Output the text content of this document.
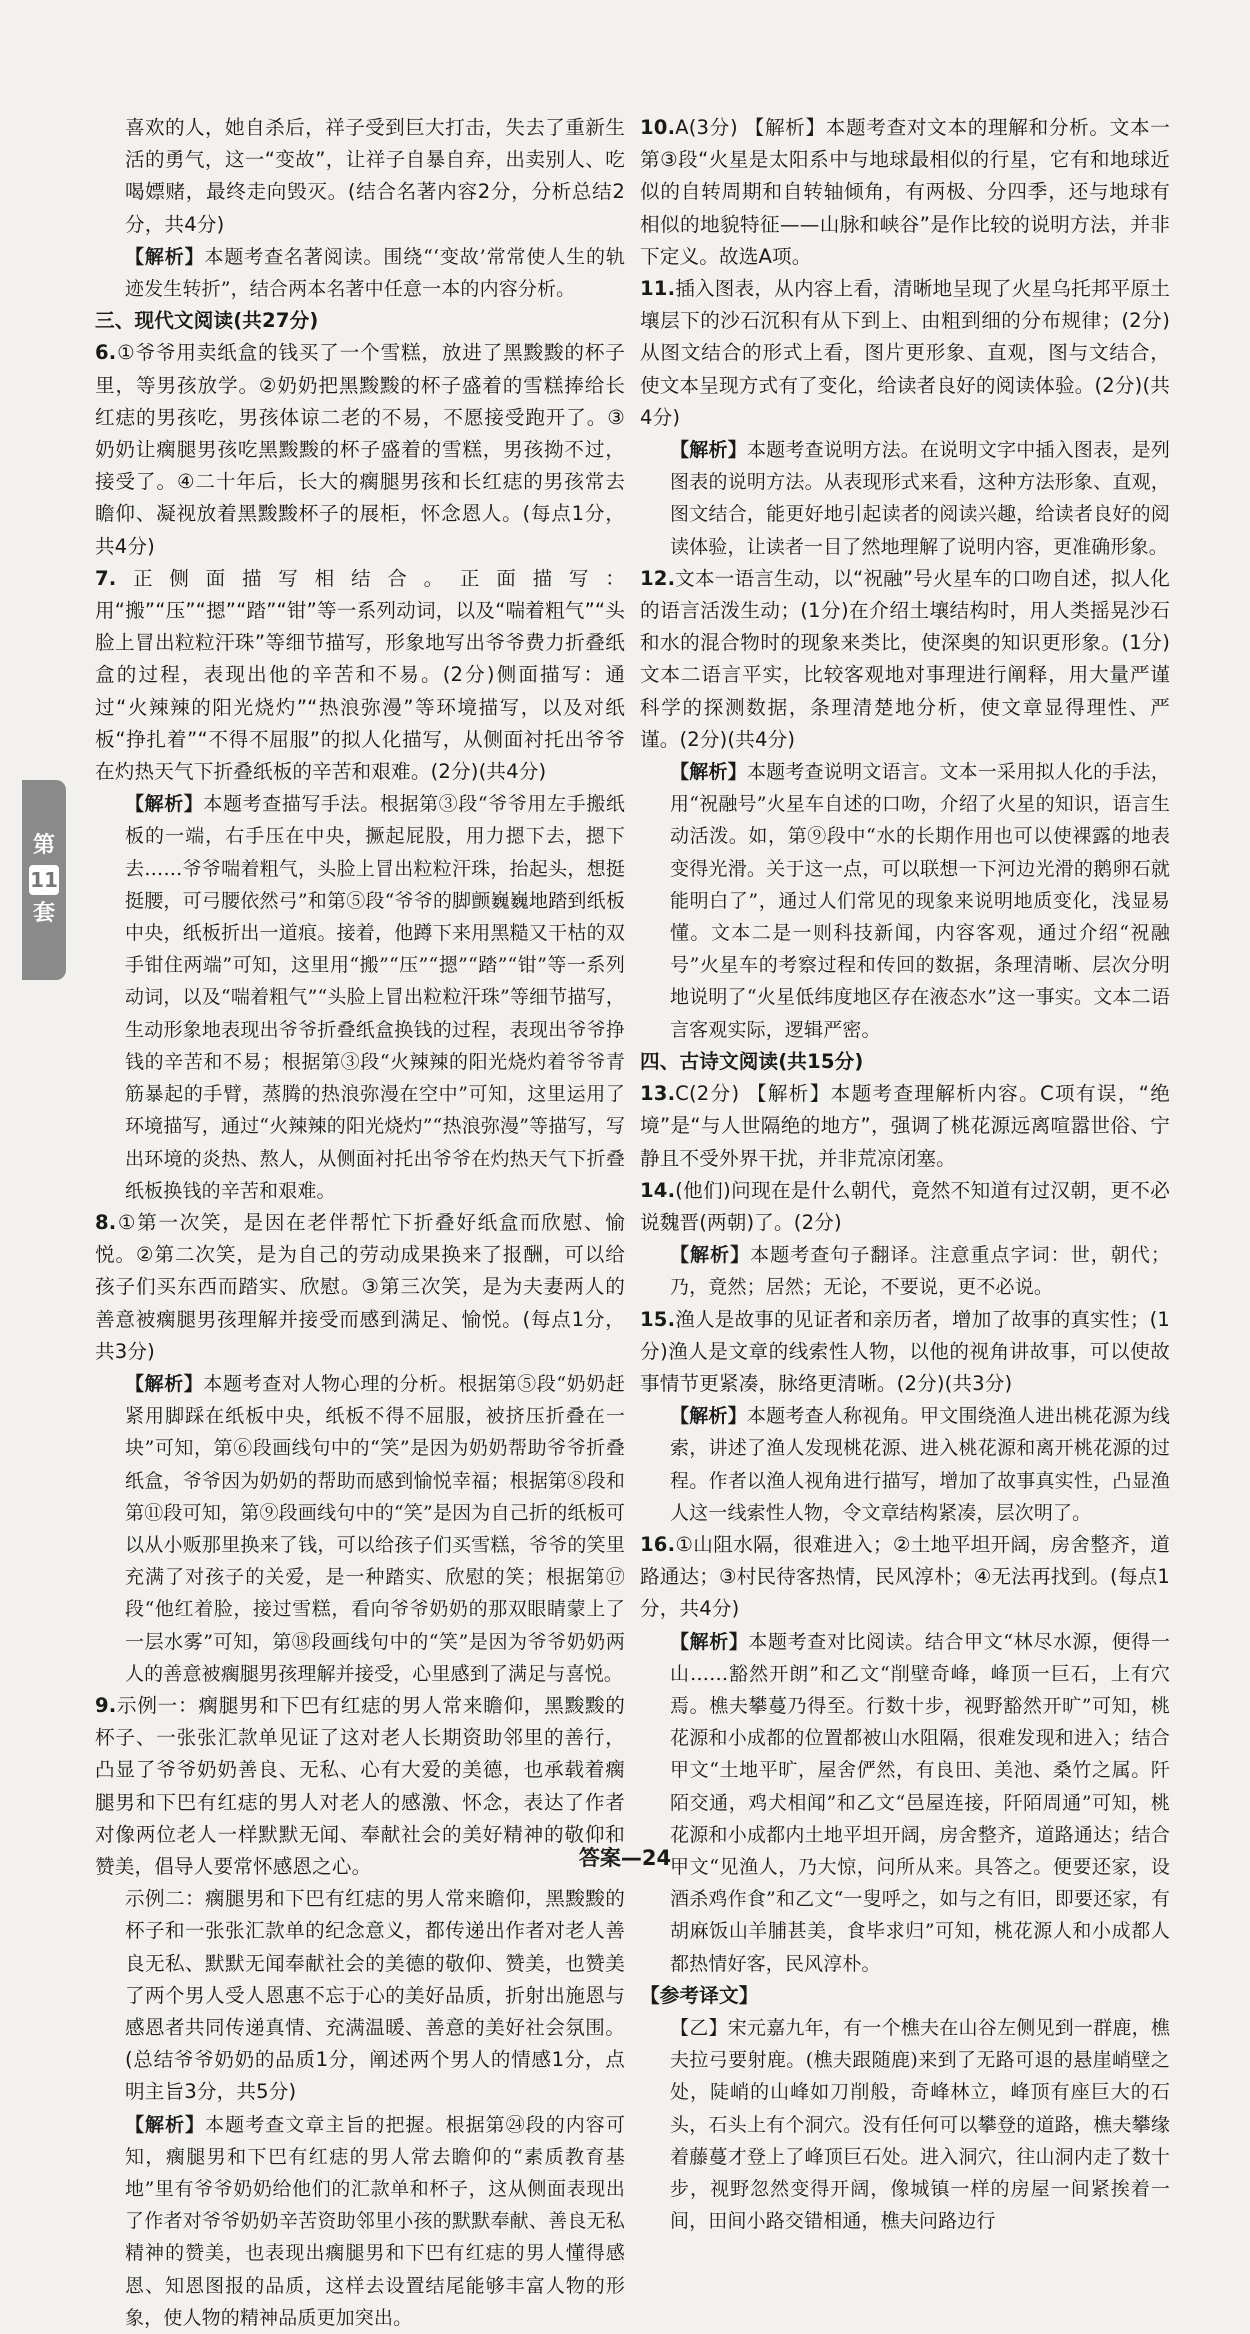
喜欢的人，她自杀后，祥子受到巨大打击，失去了重新生活的勇气，这一“变故”，让祥子自暴自弃，出卖别人、吃喝嫖赌，最终走向毁灭。(结合名著内容2分，分析总结2分，共4分)

【解析】本题考查名著阅读。围绕“‘变故’常常使人生的轨迹发生转折”，结合两本名著中任意一本的内容分析。

三、现代文阅读(共27分)

6.①爷爷用卖纸盒的钱买了一个雪糕，放进了黑黢黢的杯子里，等男孩放学。②奶奶把黑黢黢的杯子盛着的雪糕捧给长红痣的男孩吃，男孩体谅二老的不易，不愿接受跑开了。③奶奶让瘸腿男孩吃黑黢黢的杯子盛着的雪糕，男孩拗不过，接受了。④二十年后，长大的瘸腿男孩和长红痣的男孩常去瞻仰、凝视放着黑黢黢杯子的展柜，怀念恩人。(每点1分，共4分)

7.正侧面描写相结合。正面描写：用“搬”“压”“摁”“踏”“钳”等一系列动词，以及“喘着粗气”“头脸上冒出粒粒汗珠”等细节描写，形象地写出爷爷费力折叠纸盒的过程，表现出他的辛苦和不易。(2分)侧面描写：通过“火辣辣的阳光烧灼”“热浪弥漫”等环境描写，以及对纸板“挣扎着”“不得不屈服”的拟人化描写，从侧面衬托出爷爷在灼热天气下折叠纸板的辛苦和艰难。(2分)(共4分)

【解析】本题考查描写手法。根据第③段“爷爷用左手搬纸板的一端，右手压在中央，撅起屁股，用力摁下去，摁下去……爷爷喘着粗气，头脸上冒出粒粒汗珠，抬起头，想挺挺腰，可弓腰依然弓”和第⑤段“爷爷的脚颤巍巍地踏到纸板中央，纸板折出一道痕。接着，他蹲下来用黑糙又干枯的双手钳住两端”可知，这里用“搬”“压”“摁”“踏”“钳”等一系列动词，以及“喘着粗气”“头脸上冒出粒粒汗珠”等细节描写，生动形象地表现出爷爷折叠纸盒换钱的过程，表现出爷爷挣钱的辛苦和不易；根据第③段“火辣辣的阳光烧灼着爷爷青筋暴起的手臂，蒸腾的热浪弥漫在空中”可知，这里运用了环境描写，通过“火辣辣的阳光烧灼”“热浪弥漫”等描写，写出环境的炎热、熬人，从侧面衬托出爷爷在灼热天气下折叠纸板换钱的辛苦和艰难。

8.①第一次笑，是因在老伴帮忙下折叠好纸盒而欣慰、愉悦。②第二次笑，是为自己的劳动成果换来了报酬，可以给孩子们买东西而踏实、欣慰。③第三次笑，是为夫妻两人的善意被瘸腿男孩理解并接受而感到满足、愉悦。(每点1分，共3分)

【解析】本题考查对人物心理的分析。根据第⑤段“奶奶赶紧用脚踩在纸板中央，纸板不得不屈服，被挤压折叠在一块”可知，第⑥段画线句中的“笑”是因为奶奶帮助爷爷折叠纸盒，爷爷因为奶奶的帮助而感到愉悦幸福；根据第⑧段和第⑪段可知，第⑨段画线句中的“笑”是因为自己折的纸板可以从小贩那里换来了钱，可以给孩子们买雪糕，爷爷的笑里充满了对孩子的关爱，是一种踏实、欣慰的笑；根据第⑰段“他红着脸，接过雪糕，看向爷爷奶奶的那双眼睛蒙上了一层水雾”可知，第⑱段画线句中的“笑”是因为爷爷奶奶两人的善意被瘸腿男孩理解并接受，心里感到了满足与喜悦。

9.示例一：瘸腿男和下巴有红痣的男人常来瞻仰，黑黢黢的杯子、一张张汇款单见证了这对老人长期资助邻里的善行，凸显了爷爷奶奶善良、无私、心有大爱的美德，也承载着瘸腿男和下巴有红痣的男人对老人的感激、怀念，表达了作者对像两位老人一样默默无闻、奉献社会的美好精神的敬仰和赞美，倡导人要常怀感恩之心。

示例二：瘸腿男和下巴有红痣的男人常来瞻仰，黑黢黢的杯子和一张张汇款单的纪念意义，都传递出作者对老人善良无私、默默无闻奉献社会的美德的敬仰、赞美，也赞美了两个男人受人恩惠不忘于心的美好品质，折射出施恩与感恩者共同传递真情、充满温暖、善意的美好社会氛围。(总结爷爷奶奶的品质1分，阐述两个男人的情感1分，点明主旨3分，共5分)

【解析】本题考查文章主旨的把握。根据第㉔段的内容可知，瘸腿男和下巴有红痣的男人常去瞻仰的“素质教育基地”里有爷爷奶奶给他们的汇款单和杯子，这从侧面表现出了作者对爷爷奶奶辛苦资助邻里小孩的默默奉献、善良无私精神的赞美，也表现出瘸腿男和下巴有红痣的男人懂得感恩、知恩图报的品质，这样去设置结尾能够丰富人物的形象，使人物的精神品质更加突出。

10.A(3分) 【解析】本题考查对文本的理解和分析。文本一第③段“火星是太阳系中与地球最相似的行星，它有和地球近似的自转周期和自转轴倾角，有两极、分四季，还与地球有相似的地貌特征——山脉和峡谷”是作比较的说明方法，并非下定义。故选A项。

11.插入图表，从内容上看，清晰地呈现了火星乌托邦平原土壤层下的沙石沉积有从下到上、由粗到细的分布规律；(2分)从图文结合的形式上看，图片更形象、直观，图与文结合，使文本呈现方式有了变化，给读者良好的阅读体验。(2分)(共4分)

【解析】本题考查说明方法。在说明文字中插入图表，是列图表的说明方法。从表现形式来看，这种方法形象、直观，图文结合，能更好地引起读者的阅读兴趣，给读者良好的阅读体验，让读者一目了然地理解了说明内容，更准确形象。

12.文本一语言生动，以“祝融”号火星车的口吻自述，拟人化的语言活泼生动；(1分)在介绍土壤结构时，用人类摇晃沙石和水的混合物时的现象来类比，使深奥的知识更形象。(1分)文本二语言平实，比较客观地对事理进行阐释，用大量严谨科学的探测数据，条理清楚地分析，使文章显得理性、严谨。(2分)(共4分)

【解析】本题考查说明文语言。文本一采用拟人化的手法，用“祝融号”火星车自述的口吻，介绍了火星的知识，语言生动活泼。如，第⑨段中“水的长期作用也可以使裸露的地表变得光滑。关于这一点，可以联想一下河边光滑的鹅卵石就能明白了”，通过人们常见的现象来说明地质变化，浅显易懂。文本二是一则科技新闻，内容客观，通过介绍“祝融号”火星车的考察过程和传回的数据，条理清晰、层次分明地说明了“火星低纬度地区存在液态水”这一事实。文本二语言客观实际，逻辑严密。

四、古诗文阅读(共15分)

13.C(2分) 【解析】本题考查理解析内容。C项有误，“绝境”是“与人世隔绝的地方”，强调了桃花源远离喧嚣世俗、宁静且不受外界干扰，并非荒凉闭塞。

14.(他们)问现在是什么朝代，竟然不知道有过汉朝，更不必说魏晋(两朝)了。(2分)

【解析】本题考查句子翻译。注意重点字词：世，朝代；乃，竟然；居然；无论，不要说，更不必说。

15.渔人是故事的见证者和亲历者，增加了故事的真实性；(1分)渔人是文章的线索性人物，以他的视角讲故事，可以使故事情节更紧凑，脉络更清晰。(2分)(共3分)

【解析】本题考查人称视角。甲文围绕渔人进出桃花源为线索，讲述了渔人发现桃花源、进入桃花源和离开桃花源的过程。作者以渔人视角进行描写，增加了故事真实性，凸显渔人这一线索性人物，令文章结构紧凑，层次明了。

16.①山阻水隔，很难进入；②土地平坦开阔，房舍整齐，道路通达；③村民待客热情，民风淳朴；④无法再找到。(每点1分，共4分)

【解析】本题考查对比阅读。结合甲文“林尽水源，便得一山……豁然开朗”和乙文“削壁奇峰，峰顶一巨石，上有穴焉。樵夫攀蔓乃得至。行数十步，视野豁然开旷”可知，桃花源和小成都的位置都被山水阻隔，很难发现和进入；结合甲文“土地平旷，屋舍俨然，有良田、美池、桑竹之属。阡陌交通，鸡犬相闻”和乙文“邑屋连接，阡陌周通”可知，桃花源和小成都内土地平坦开阔，房舍整齐，道路通达；结合甲文“见渔人，乃大惊，问所从来。具答之。便要还家，设酒杀鸡作食”和乙文“一叟呼之，如与之有旧，即要还家，有胡麻饭山羊脯甚美，食毕求归”可知，桃花源人和小成都人都热情好客，民风淳朴。

【参考译文】

【乙】宋元嘉九年，有一个樵夫在山谷左侧见到一群鹿，樵夫拉弓要射鹿。(樵夫跟随鹿)来到了无路可退的悬崖峭壁之处，陡峭的山峰如刀削般，奇峰林立，峰顶有座巨大的石头，石头上有个洞穴。没有任何可以攀登的道路，樵夫攀缘着藤蔓才登上了峰顶巨石处。进入洞穴，往山洞内走了数十步，视野忽然变得开阔，像城镇一样的房屋一间紧挨着一间，田间小路交错相通，樵夫问路边行

第
11
套
答案—24
